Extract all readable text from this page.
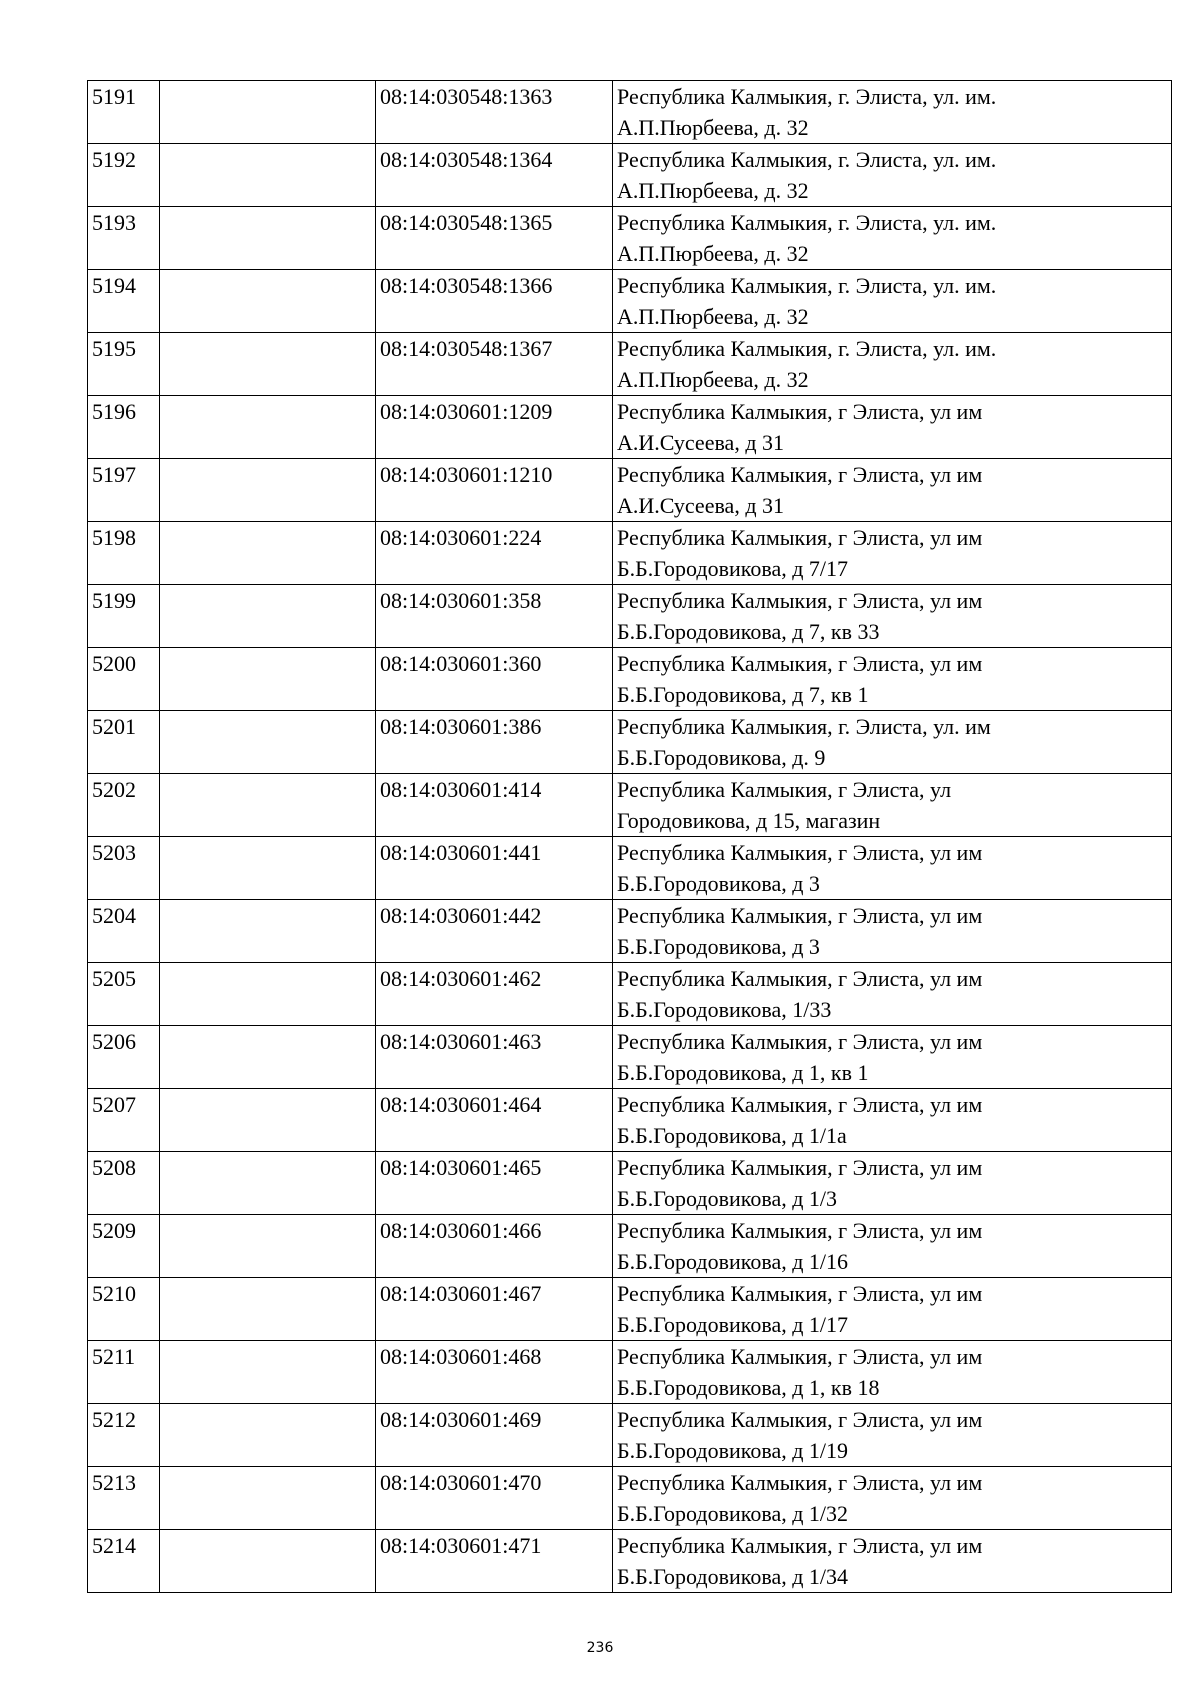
5191		08:14:030548:1363	Республика Калмыкия, г. Элиста, ул. им.
А.П.Пюрбеева, д. 32

5192		08:14:030548:1364	Республика Калмыкия, г. Элиста, ул. им.
А.П.Пюрбеева, д. 32

5193		08:14:030548:1365	Республика Калмыкия, г. Элиста, ул. им.
А.П.Пюрбеева, д. 32

5194		08:14:030548:1366	Республика Калмыкия, г. Элиста, ул. им.
А.П.Пюрбеева, д. 32

5195		08:14:030548:1367	Республика Калмыкия, г. Элиста, ул. им.
А.П.Пюрбеева, д. 32

5196		08:14:030601:1209	Республика Калмыкия, г Элиста, ул им
А.И.Сусеева, д 31

5197		08:14:030601:1210	Республика Калмыкия, г Элиста, ул им
А.И.Сусеева, д 31

5198		08:14:030601:224	Республика Калмыкия, г Элиста, ул им
Б.Б.Городовикова, д 7/17

5199		08:14:030601:358	Республика Калмыкия, г Элиста, ул им
Б.Б.Городовикова, д 7, кв 33

5200		08:14:030601:360	Республика Калмыкия, г Элиста, ул им
Б.Б.Городовикова, д 7, кв 1

5201		08:14:030601:386	Республика Калмыкия, г. Элиста, ул. им
Б.Б.Городовикова, д. 9

5202		08:14:030601:414	Республика Калмыкия, г Элиста, ул
Городовикова, д 15, магазин

5203		08:14:030601:441	Республика Калмыкия, г Элиста, ул им
Б.Б.Городовикова, д 3

5204		08:14:030601:442	Республика Калмыкия, г Элиста, ул им
Б.Б.Городовикова, д 3

5205		08:14:030601:462	Республика Калмыкия, г Элиста, ул им
Б.Б.Городовикова, 1/33

5206		08:14:030601:463	Республика Калмыкия, г Элиста, ул им
Б.Б.Городовикова, д 1, кв 1

5207		08:14:030601:464	Республика Калмыкия, г Элиста, ул им
Б.Б.Городовикова, д 1/1а

5208		08:14:030601:465	Республика Калмыкия, г Элиста, ул им
Б.Б.Городовикова, д 1/3

5209		08:14:030601:466	Республика Калмыкия, г Элиста, ул им
Б.Б.Городовикова, д 1/16

5210		08:14:030601:467	Республика Калмыкия, г Элиста, ул им
Б.Б.Городовикова, д 1/17

5211		08:14:030601:468	Республика Калмыкия, г Элиста, ул им
Б.Б.Городовикова, д 1, кв 18

5212		08:14:030601:469	Республика Калмыкия, г Элиста, ул им
Б.Б.Городовикова, д 1/19

5213		08:14:030601:470	Республика Калмыкия, г Элиста, ул им
Б.Б.Городовикова, д 1/32

5214		08:14:030601:471	Республика Калмыкия, г Элиста, ул им
Б.Б.Городовикова, д 1/34
236
